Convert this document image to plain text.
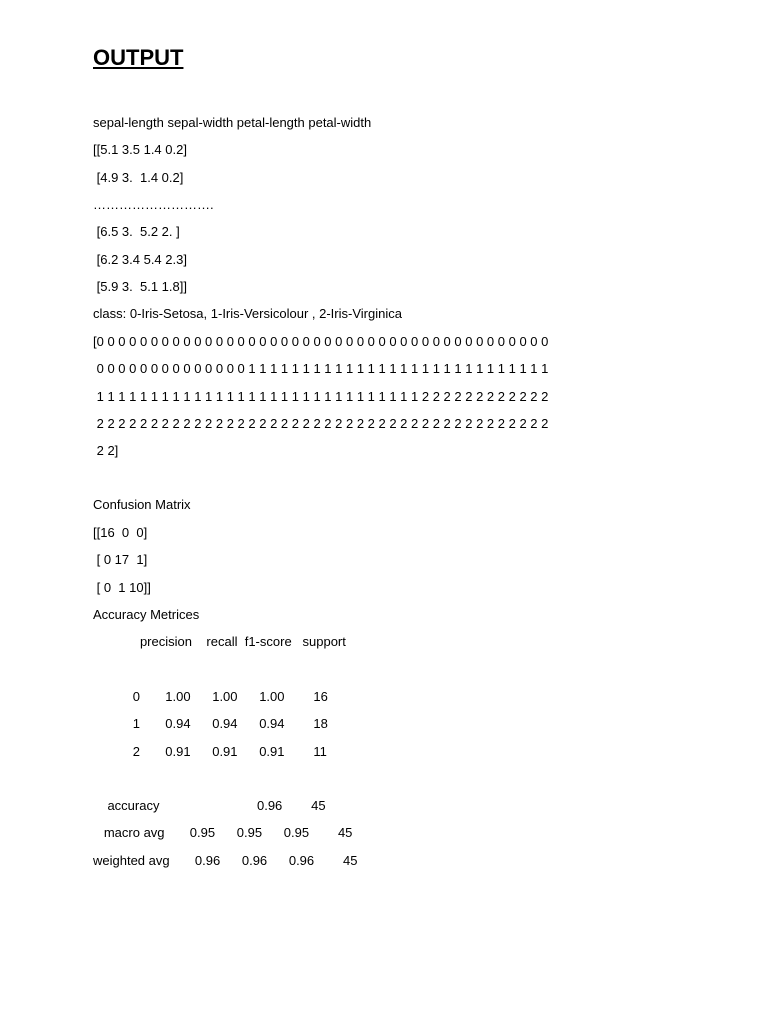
OUTPUT
sepal-length sepal-width petal-length petal-width
[[5.1 3.5 1.4 0.2]
[4.9 3.  1.4 0.2]
……………………….
[6.5 3.  5.2 2. ]
[6.2 3.4 5.4 2.3]
[5.9 3.  5.1 1.8]]
class: 0-Iris-Setosa, 1-Iris-Versicolour , 2-Iris-Virginica
[0 0 0 0 0 0 0 0 0 0 0 0 0 0 0 0 0 0 0 0 0 0 0 0 0 0 0 0 0 0 0 0 0 0 0 0 0 0 0 0 0 0
0 0 0 0 0 0 0 0 0 0 0 0 0 0 1 1 1 1 1 1 1 1 1 1 1 1 1 1 1 1 1 1 1 1 1 1 1 1 1 1 1 1
1 1 1 1 1 1 1 1 1 1 1 1 1 1 1 1 1 1 1 1 1 1 1 1 1 1 1 1 1 1 2 2 2 2 2 2 2 2 2 2 2 2
2 2 2 2 2 2 2 2 2 2 2 2 2 2 2 2 2 2 2 2 2 2 2 2 2 2 2 2 2 2 2 2 2 2 2 2 2 2 2 2 2 2
2 2]
Confusion Matrix
[[16  0  0]
[ 0 17  1]
[ 0  1 10]]
Accuracy Metrices
precision    recall  f1-score   support
0       1.00      1.00      1.00        16
1       0.94      0.94      0.94        18
2       0.91      0.91      0.91        11
accuracy                           0.96        45
macro avg       0.95      0.95      0.95        45
weighted avg       0.96      0.96      0.96        45
